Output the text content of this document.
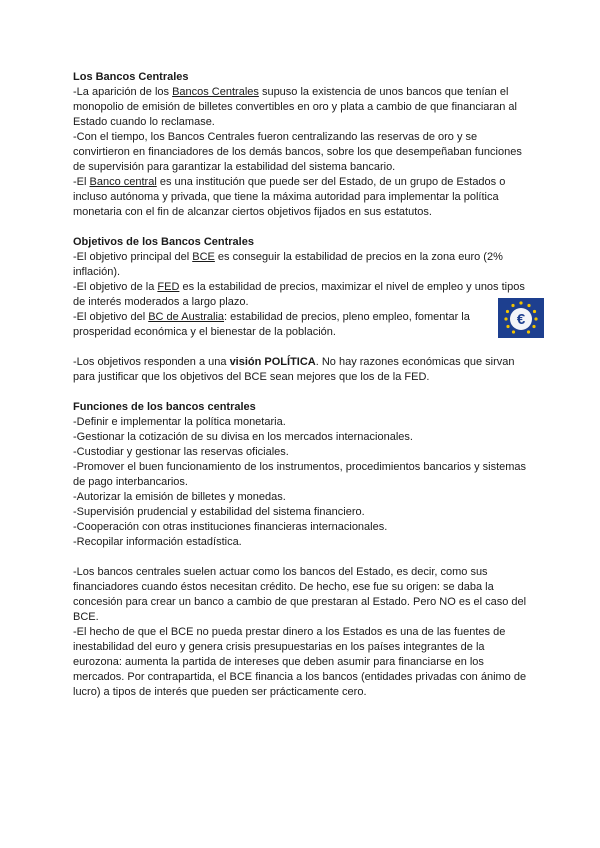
Los Bancos Centrales

-La aparición de los Bancos Centrales supuso la existencia de unos bancos que tenían el monopolio de emisión de billetes convertibles en oro y plata a cambio de que financiaran al Estado cuando lo reclamase.

-Con el tiempo, los Bancos Centrales fueron centralizando las reservas de oro y se convirtieron en financiadores de los demás bancos, sobre los que desempeñaban funciones de supervisión para garantizar la estabilidad del sistema bancario.

-El Banco central es una institución que puede ser del Estado, de un grupo de Estados o incluso autónoma y privada, que tiene la máxima autoridad para implementar la política monetaria con el fin de alcanzar ciertos objetivos fijados en sus estatutos.

Objetivos de los Bancos Centrales

-El objetivo principal del BCE es conseguir la estabilidad de precios en la zona euro (2% inflación).

-El objetivo de la FED es la estabilidad de precios, maximizar el nivel de empleo y unos tipos de interés moderados a largo plazo.

-El objetivo del BC de Australia: estabilidad de precios, pleno empleo, fomentar la prosperidad económica y el bienestar de la población.

-Los objetivos responden a una visión POLÍTICA. No hay razones económicas que sirvan para justificar que los objetivos del BCE sean mejores que los de la FED.

Funciones de los bancos centrales

-Definir e implementar la política monetaria.

-Gestionar la cotización de su divisa en los mercados internacionales.

-Custodiar y gestionar las reservas oficiales.

-Promover el buen funcionamiento de los instrumentos, procedimientos bancarios y sistemas de pago interbancarios.

-Autorizar la emisión de billetes y monedas.

-Supervisión prudencial y estabilidad del sistema financiero.

-Cooperación con otras instituciones financieras internacionales.

-Recopilar información estadística.

-Los bancos centrales suelen actuar como los bancos del Estado, es decir, como sus financiadores cuando éstos necesitan crédito. De hecho, ese fue su origen: se daba la concesión para crear un banco a cambio de que prestaran al Estado. Pero NO es el caso del BCE.

-El hecho de que el BCE no pueda prestar dinero a los Estados es una de las fuentes de inestabilidad del euro y genera crisis presupuestarias en los países integrantes de la eurozona: aumenta la partida de intereses que deben asumir para financiarse en los mercados. Por contrapartida, el BCE financia a los bancos (entidades privadas con ánimo de lucro) a tipos de interés que pueden ser prácticamente cero.

€
